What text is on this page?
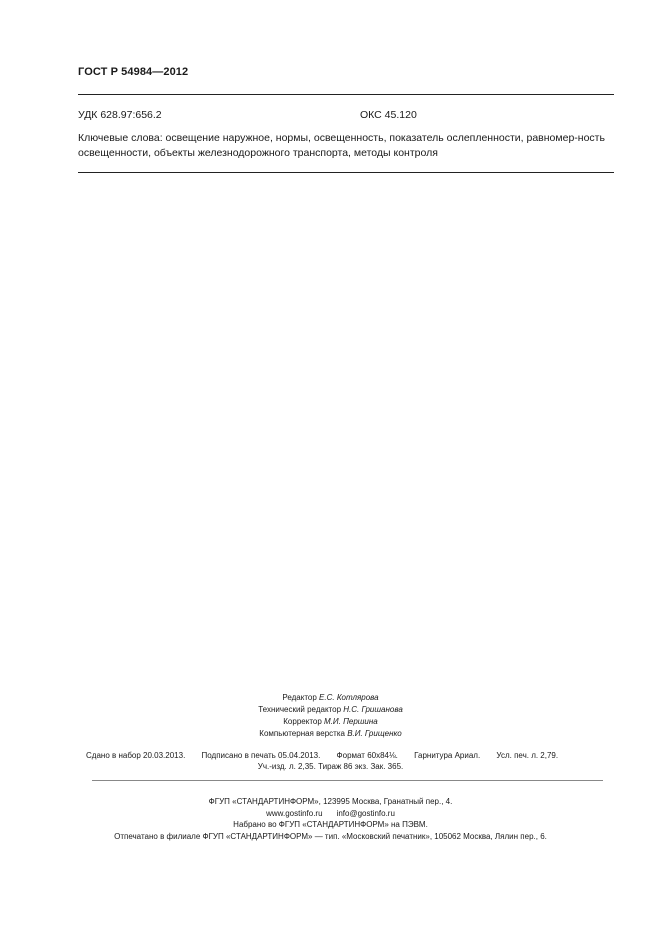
ГОСТ Р 54984—2012
УДК 628.97:656.2	ОКС 45.120
Ключевые слова: освещение наружное, нормы, освещенность, показатель ослепленности, равномер-ность освещенности, объекты железнодорожного транспорта, методы контроля
Редактор Е.С. Котлярова
Технический редактор Н.С. Гришанова
Корректор М.И. Першина
Компьютерная верстка В.И. Грищенко
Сдано в набор 20.03.2013. Подписано в печать 05.04.2013. Формат 60x84⅛. Гарнитура Ариал. Усл. печ. л. 2,79.
Уч.-изд. л. 2,35. Тираж 86 экз. Зак. 365.
ФГУП «СТАНДАРТИНФОРМ», 123995 Москва, Гранатный пер., 4.
www.gostinfo.ru info@gostinfo.ru
Набрано во ФГУП «СТАНДАРТИНФОРМ» на ПЭВМ.
Отпечатано в филиале ФГУП «СТАНДАРТИНФОРМ» — тип. «Московский печатник», 105062 Москва, Лялин пер., 6.
